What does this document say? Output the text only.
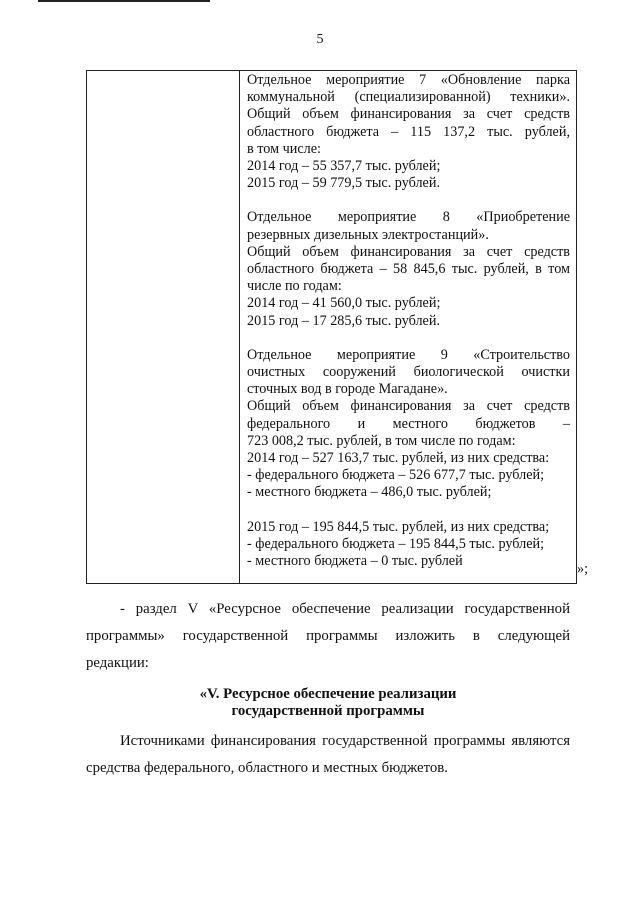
5

Отдельное мероприятие 7 «Обновление парка

коммунальной (специализированной) техники».

Общий объем финансирования за счет средств

областного бюджета – 115 137,2 тыс. рублей,

в том числе:

2014 год – 55 357,7 тыс. рублей;

2015 год – 59 779,5 тыс. рублей.

Отдельное мероприятие 8 «Приобретение

резервных дизельных электростанций».

Общий объем финансирования за счет средств

областного бюджета – 58 845,6 тыс. рублей, в том

числе по годам:

2014 год – 41 560,0 тыс. рублей;

2015 год – 17 285,6 тыс. рублей.

Отдельное мероприятие 9 «Строительство

очистных сооружений биологической очистки

сточных вод в городе Магадане».

Общий объем финансирования за счет средств

федерального и местного бюджетов –

723 008,2 тыс. рублей, в том числе по годам:

2014 год – 527 163,7 тыс. рублей, из них средства:

- федерального бюджета – 526 677,7 тыс. рублей;

- местного бюджета – 486,0 тыс. рублей;

2015 год – 195 844,5 тыс. рублей, из них средства;

- федерального бюджета – 195 844,5 тыс. рублей;

- местного бюджета – 0 тыс. рублей	»;

- раздел V «Ресурсное обеспечение реализации государственной

программы» государственной программы изложить в следующей

редакции:

«V. Ресурсное обеспечение реализации

государственной программы

Источниками финансирования государственной программы являются

средства федерального, областного и местных бюджетов.
